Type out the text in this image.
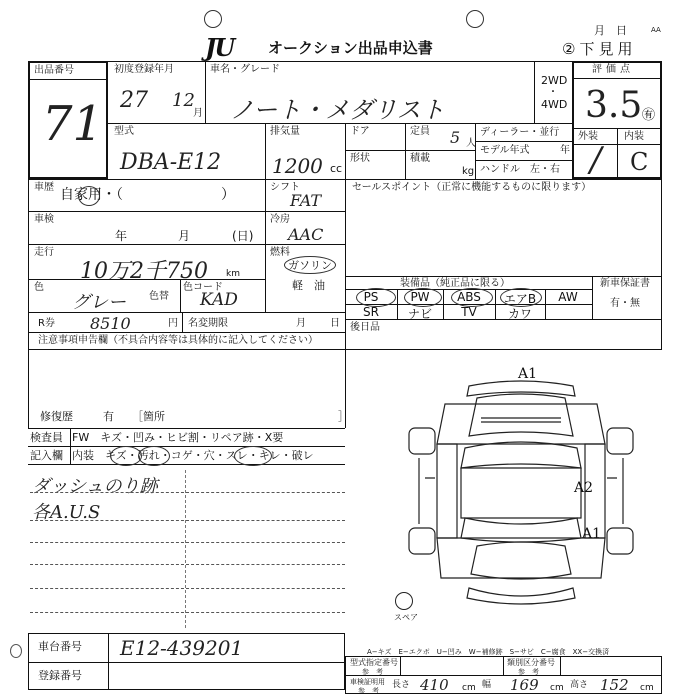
JU オークション出品申込書
月　日	AA
②下見用
出品番号
71
初度登録年月
27 12
月
車名・グレード
ノート・メダリスト
2WD
・
4WD
評価点
3.5 ㊒
外装	内装
/ C
型式
DBA-E12
排気量
1200 cc
ドア	定員 5 人
形状	積載
kg
ディーラー・並行
モデル年式	年
ハンドル　左・右
車歴 自家用・（　　　　　　　）	シフト
FAT
セールスポイント（正常に機能するものに限ります）
車検
年	月	(日)
冷房
AAC
走行
10万2千750 km
燃料
ガソリン
軽　油
色
グレー 色替
色コード
KAD
装備品（純正品に限る）	新車保証書
有・無
PS	PW	ABS	エアB	AW
SR	ナビ	TV	カワ
後日品
R券 8510	円 名変期限	月 日
注意事項申告欄（不具合内容等は具体的に記入してください）
修復歴	有 ［箇所	］
検査員 FW　キズ・凹み・ヒビ割・リペア跡・X要
記入欄 内装　キズ・汚れ・コゲ・穴・スレ・キレ・破レ
ダッシュのり跡
各A.U.S
A1
A2
A1
スペア
A−キズ　E−エクボ　U−凹み　W−補修跡　S−サビ　C−腐食　XX−交換済
車台番号 E12-439201
登録番号
型式指定番号
参　考
類別区分番号
参　考
車検証明用
参　考
長さ 410 cm 幅 169 cm 高さ 152 cm
